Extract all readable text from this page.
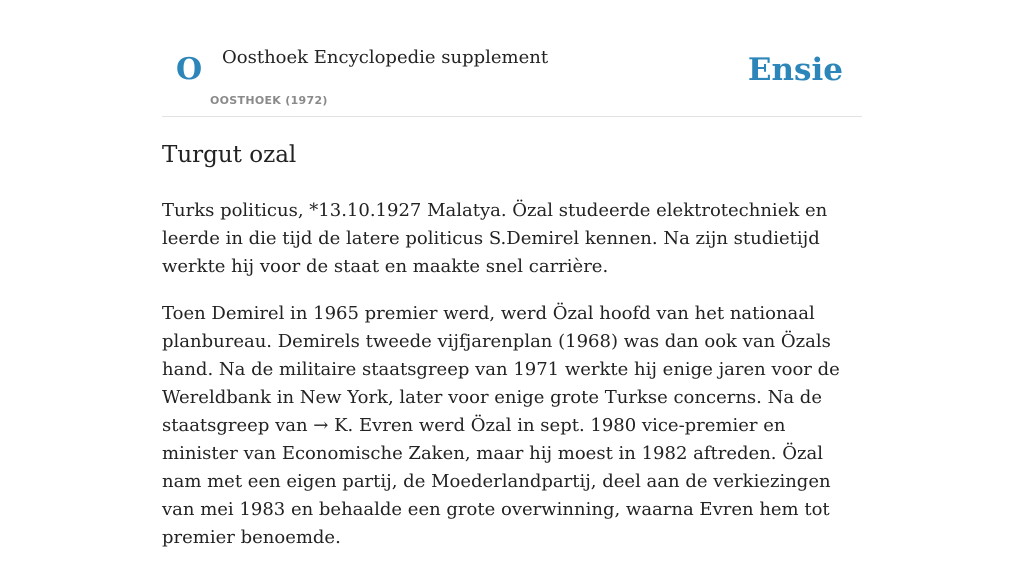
O Oosthoek Encyclopedie supplement
OOSTHOEK (1972)
Ensie
Turgut ozal

Turks politicus, *13.10.1927 Malatya. Özal studeerde elektrotechniek en leerde in die tijd de latere politicus S.Demirel kennen. Na zijn studietijd werkte hij voor de staat en maakte snel carrière.

Toen Demirel in 1965 premier werd, werd Özal hoofd van het nationaal planbureau. Demirels tweede vijfjarenplan (1968) was dan ook van Özals hand. Na de militaire staatsgreep van 1971 werkte hij enige jaren voor de Wereldbank in New York, later voor enige grote Turkse concerns. Na de staatsgreep van → K. Evren werd Özal in sept. 1980 vice-premier en minister van Economische Zaken, maar hij moest in 1982 aftreden. Özal nam met een eigen partij, de Moederlandpartij, deel aan de verkiezingen van mei 1983 en behaalde een grote overwinning, waarna Evren hem tot premier benoemde.
